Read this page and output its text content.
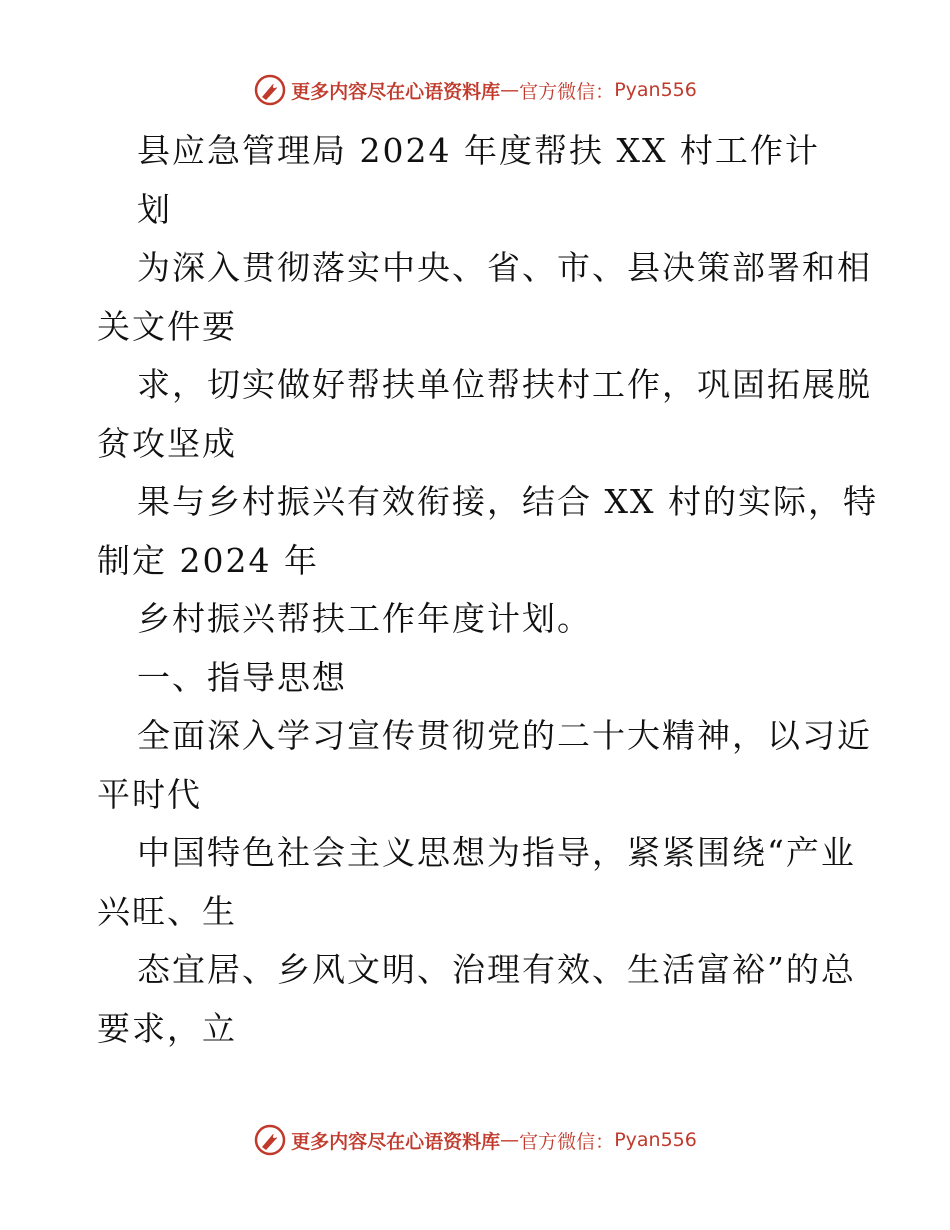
更多内容尽在心语资料库 — 官方微信： Pyan556
县应急管理局 2024 年度帮扶 XX 村工作计
划
为深入贯彻落实中央、省、市、县决策部署和相
关文件要
求，切实做好帮扶单位帮扶村工作，巩固拓展脱
贫攻坚成
果与乡村振兴有效衔接，结合 XX 村的实际，特
制定 2024 年
乡村振兴帮扶工作年度计划。
一、指导思想
全面深入学习宣传贯彻党的二十大精神，以习近
平时代
中国特色社会主义思想为指导，紧紧围绕“产业
兴旺、生
态宜居、乡风文明、治理有效、生活富裕”的总
要求，立
更多内容尽在心语资料库 — 官方微信： Pyan556
